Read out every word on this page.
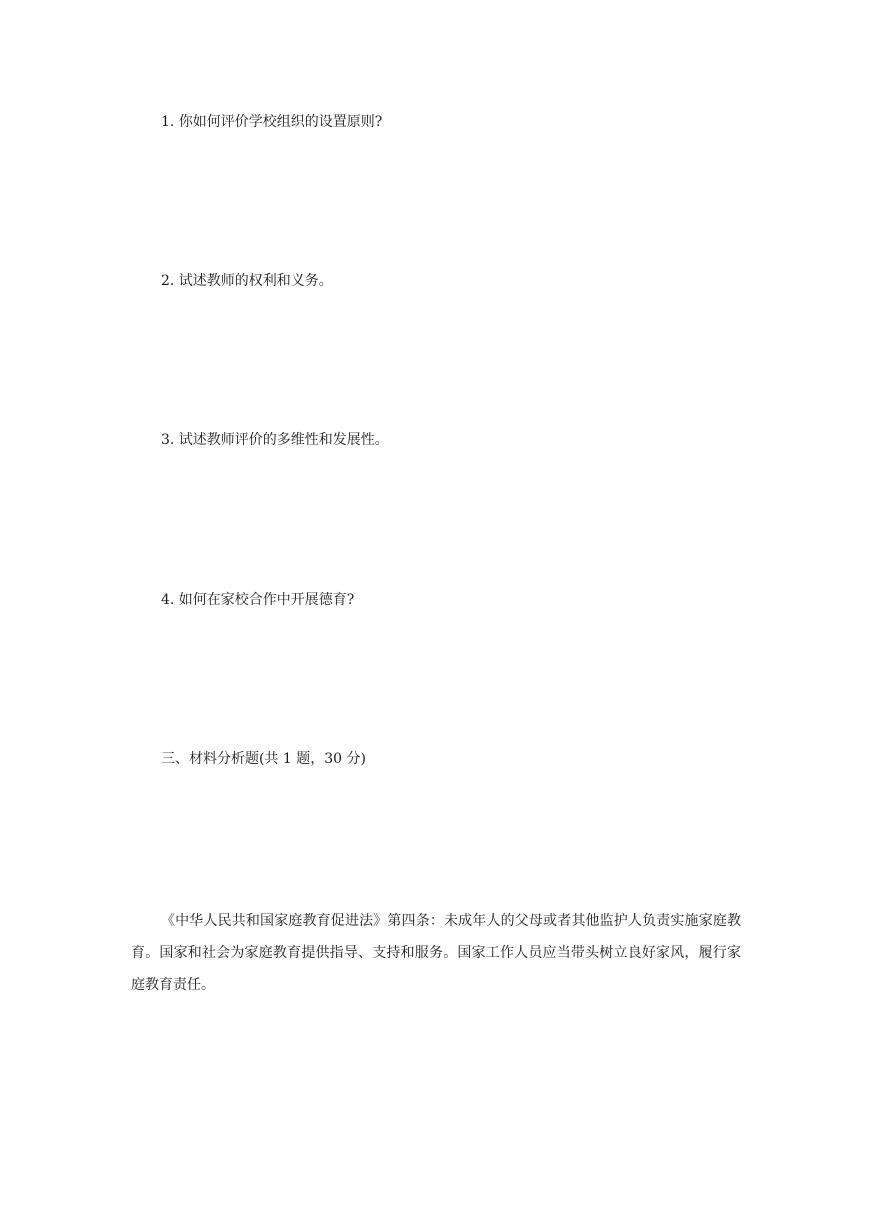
1. 你如何评价学校组织的设置原则?
2. 试述教师的权利和义务。
3. 试述教师评价的多维性和发展性。
4. 如何在家校合作中开展德育?
三、材料分析题(共 1 题，30 分)
《中华人民共和国家庭教育促进法》第四条：未成年人的父母或者其他监护人负责实施家庭教育。国家和社会为家庭教育提供指导、支持和服务。国家工作人员应当带头树立良好家风，履行家庭教育责任。
